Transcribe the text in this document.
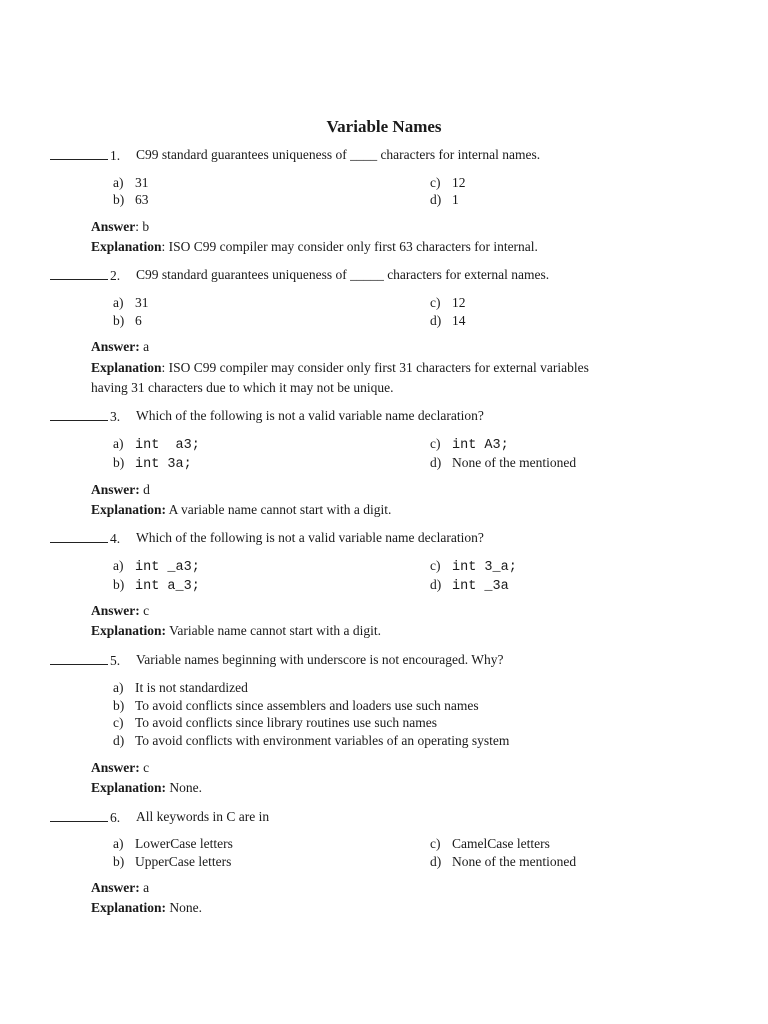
Variable Names
1. C99 standard guarantees uniqueness of ____ characters for internal names.
a) 31
b) 63
c) 12
d) 1
Answer: b
Explanation: ISO C99 compiler may consider only first 63 characters for internal.
2. C99 standard guarantees uniqueness of _____ characters for external names.
a) 31
b) 6
c) 12
d) 14
Answer: a
Explanation: ISO C99 compiler may consider only first 31 characters for external variables
having 31 characters due to which it may not be unique.
3. Which of the following is not a valid variable name declaration?
a) int  a3;
b) int 3a;
c) int A3;
d) None of the mentioned
Answer: d
Explanation: A variable name cannot start with a digit.
4. Which of the following is not a valid variable name declaration?
a) int _a3;
b) int a_3;
c) int 3_a;
d) int _3a
Answer: c
Explanation: Variable name cannot start with a digit.
5. Variable names beginning with underscore is not encouraged. Why?
a) It is not standardized
b) To avoid conflicts since assemblers and loaders use such names
c) To avoid conflicts since library routines use such names
d) To avoid conflicts with environment variables of an operating system
Answer: c
Explanation: None.
6. All keywords in C are in
a) LowerCase letters
b) UpperCase letters
c) CamelCase letters
d) None of the mentioned
Answer: a
Explanation: None.
